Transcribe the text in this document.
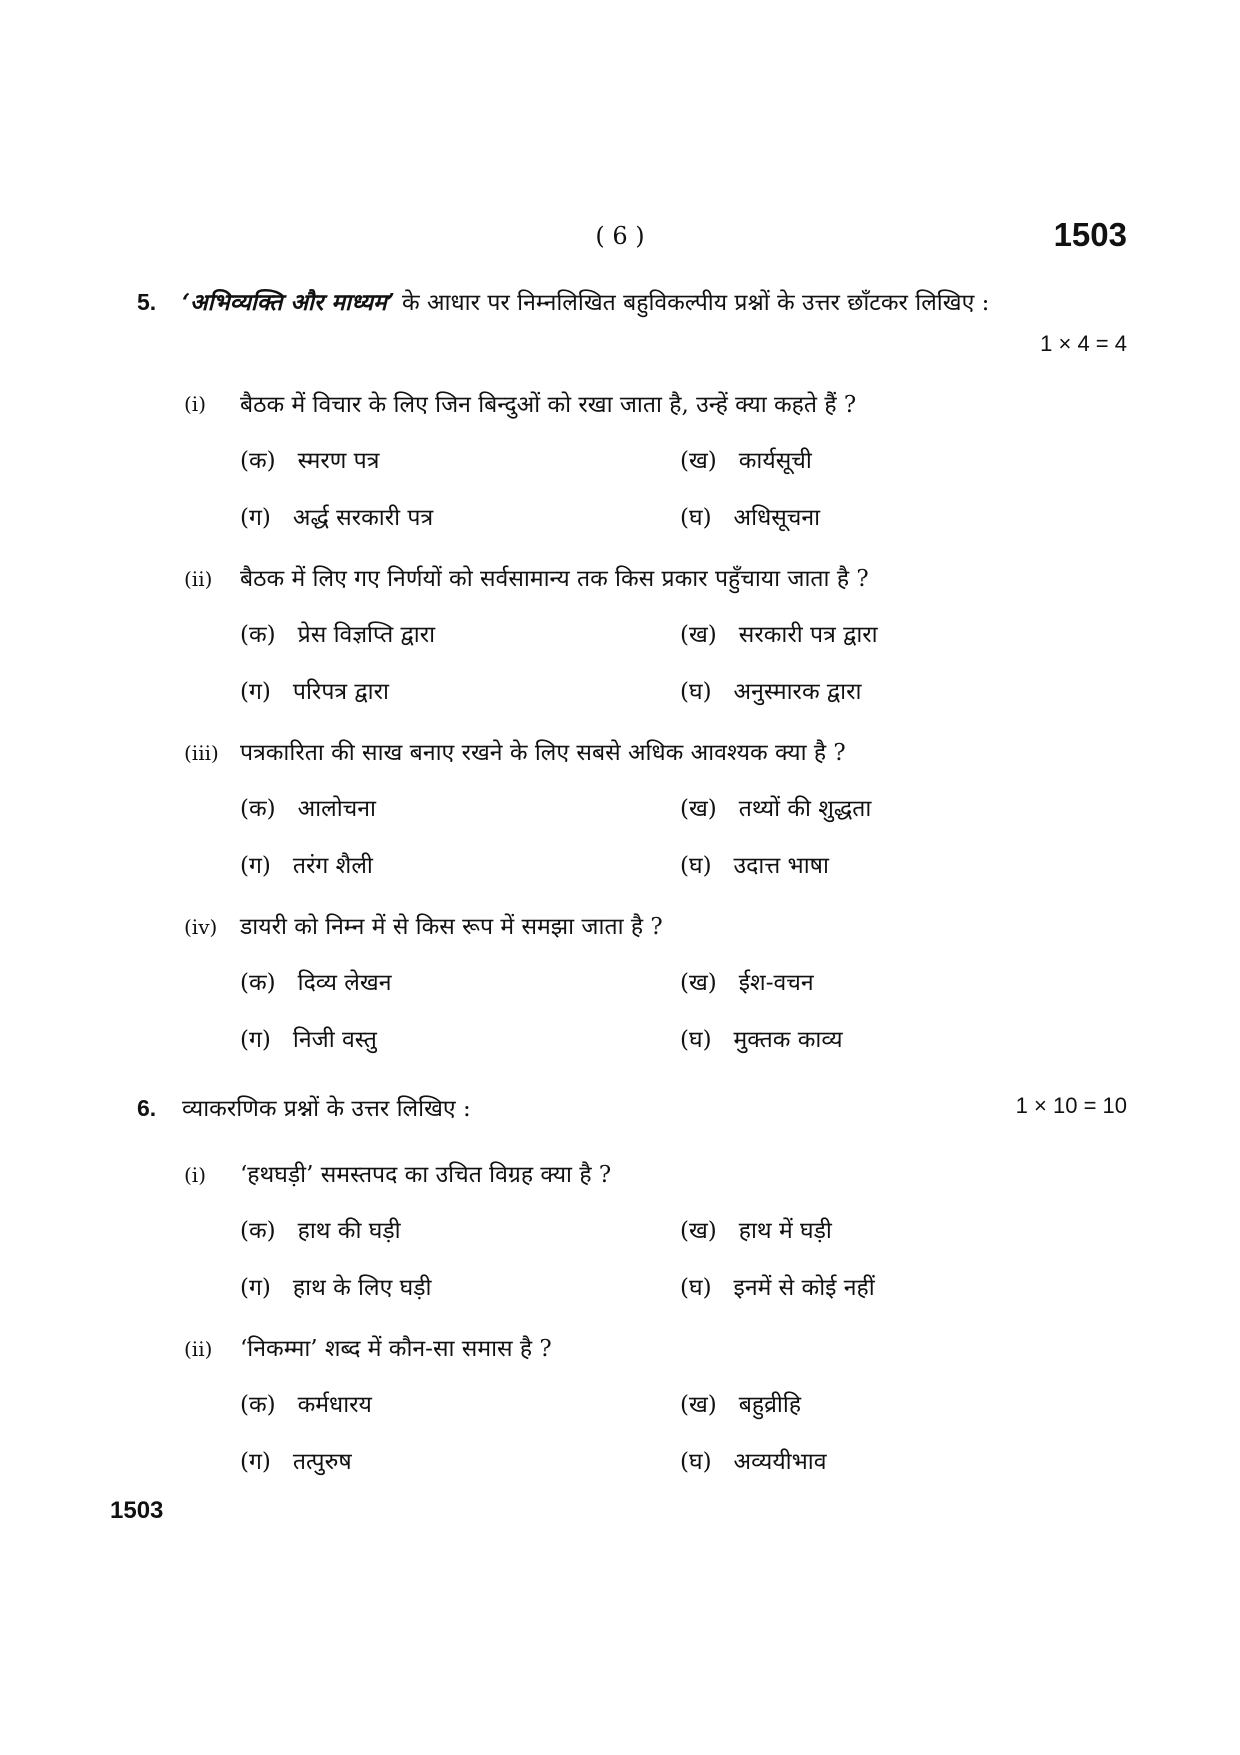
( 6 )	1503
5. ‘अभिव्यक्ति और माध्यम’ के आधार पर निम्नलिखित बहुविकल्पीय प्रश्नों के उत्तर छाँटकर लिखिए :
1 × 4 = 4
(i) बैठक में विचार के लिए जिन बिन्दुओं को रखा जाता है, उन्हें क्या कहते हैं ?
(क) स्मरण पत्र	(ख) कार्यसूची
(ग) अर्द्ध सरकारी पत्र	(घ) अधिसूचना
(ii) बैठक में लिए गए निर्णयों को सर्वसामान्य तक किस प्रकार पहुँचाया जाता है ?
(क) प्रेस विज्ञप्ति द्वारा	(ख) सरकारी पत्र द्वारा
(ग) परिपत्र द्वारा	(घ) अनुस्मारक द्वारा
(iii) पत्रकारिता की साख बनाए रखने के लिए सबसे अधिक आवश्यक क्या है ?
(क) आलोचना	(ख) तथ्यों की शुद्धता
(ग) तरंग शैली	(घ) उदात्त भाषा
(iv) डायरी को निम्न में से किस रूप में समझा जाता है ?
(क) दिव्य लेखन	(ख) ईश-वचन
(ग) निजी वस्तु	(घ) मुक्तक काव्य
6. व्याकरणिक प्रश्नों के उत्तर लिखिए :	1 × 10 = 10
(i) ‘हथघड़ी’ समस्तपद का उचित विग्रह क्या है ?
(क) हाथ की घड़ी	(ख) हाथ में घड़ी
(ग) हाथ के लिए घड़ी	(घ) इनमें से कोई नहीं
(ii) ‘निकम्मा’ शब्द में कौन-सा समास है ?
(क) कर्मधारय	(ख) बहुव्रीहि
(ग) तत्पुरुष	(घ) अव्ययीभाव
1503
